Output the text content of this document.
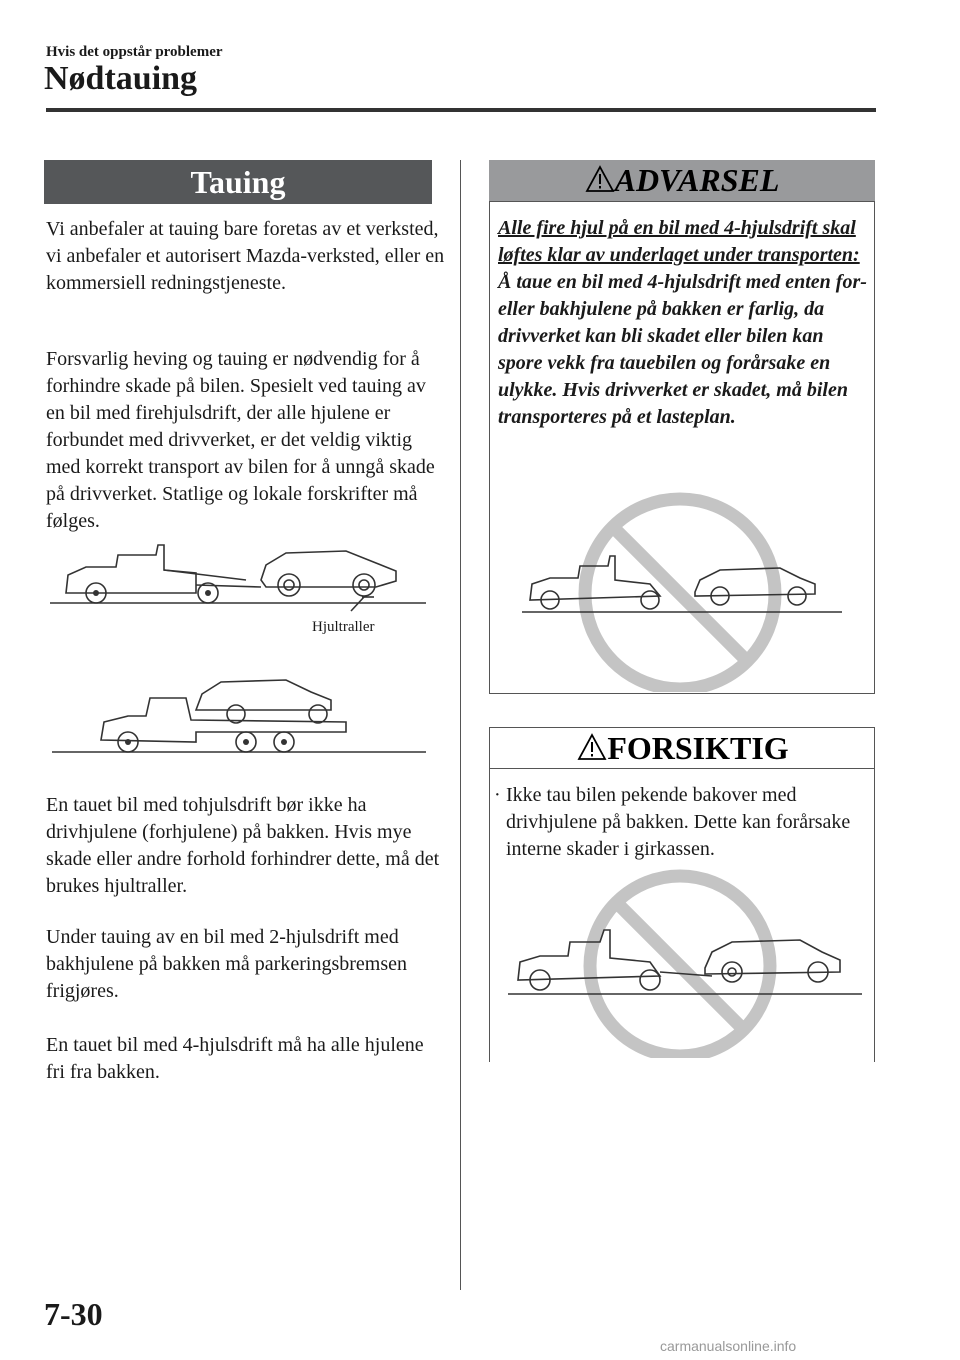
Hvis det oppstår problemer
Nødtauing
Tauing

Vi anbefaler at tauing bare foretas av et verksted, vi anbefaler et autorisert Mazda-verksted, eller en kommersiell redningstjeneste.

Forsvarlig heving og tauing er nødvendig for å forhindre skade på bilen. Spesielt ved tauing av en bil med firehjulsdrift, der alle hjulene er forbundet med drivverket, er det veldig viktig med korrekt transport av bilen for å unngå skade på drivverket. Statlige og lokale forskrifter må følges.

Hjultraller

En tauet bil med tohjulsdrift bør ikke ha drivhjulene (forhjulene) på bakken. Hvis mye skade eller andre forhold forhindrer dette, må det brukes hjultraller.

Under tauing av en bil med 2-hjulsdrift med bakhjulene på bakken må parkeringsbremsen frigjøres.

En tauet bil med 4-hjulsdrift må ha alle hjulene fri fra bakken.

ADVARSEL

Alle fire hjul på en bil med 4-hjulsdrift skal løftes klar av underlaget under transporten:
Å taue en bil med 4-hjulsdrift med enten for- eller bakhjulene på bakken er farlig, da drivverket kan bli skadet eller bilen kan spore vekk fra tauebilen og forårsake en ulykke. Hvis drivverket er skadet, må bilen transporteres på et lasteplan.

FORSIKTIG

· Ikke tau bilen pekende bakover med drivhjulene på bakken. Dette kan forårsake interne skader i girkassen.

7-30
carmanualsonline.info
